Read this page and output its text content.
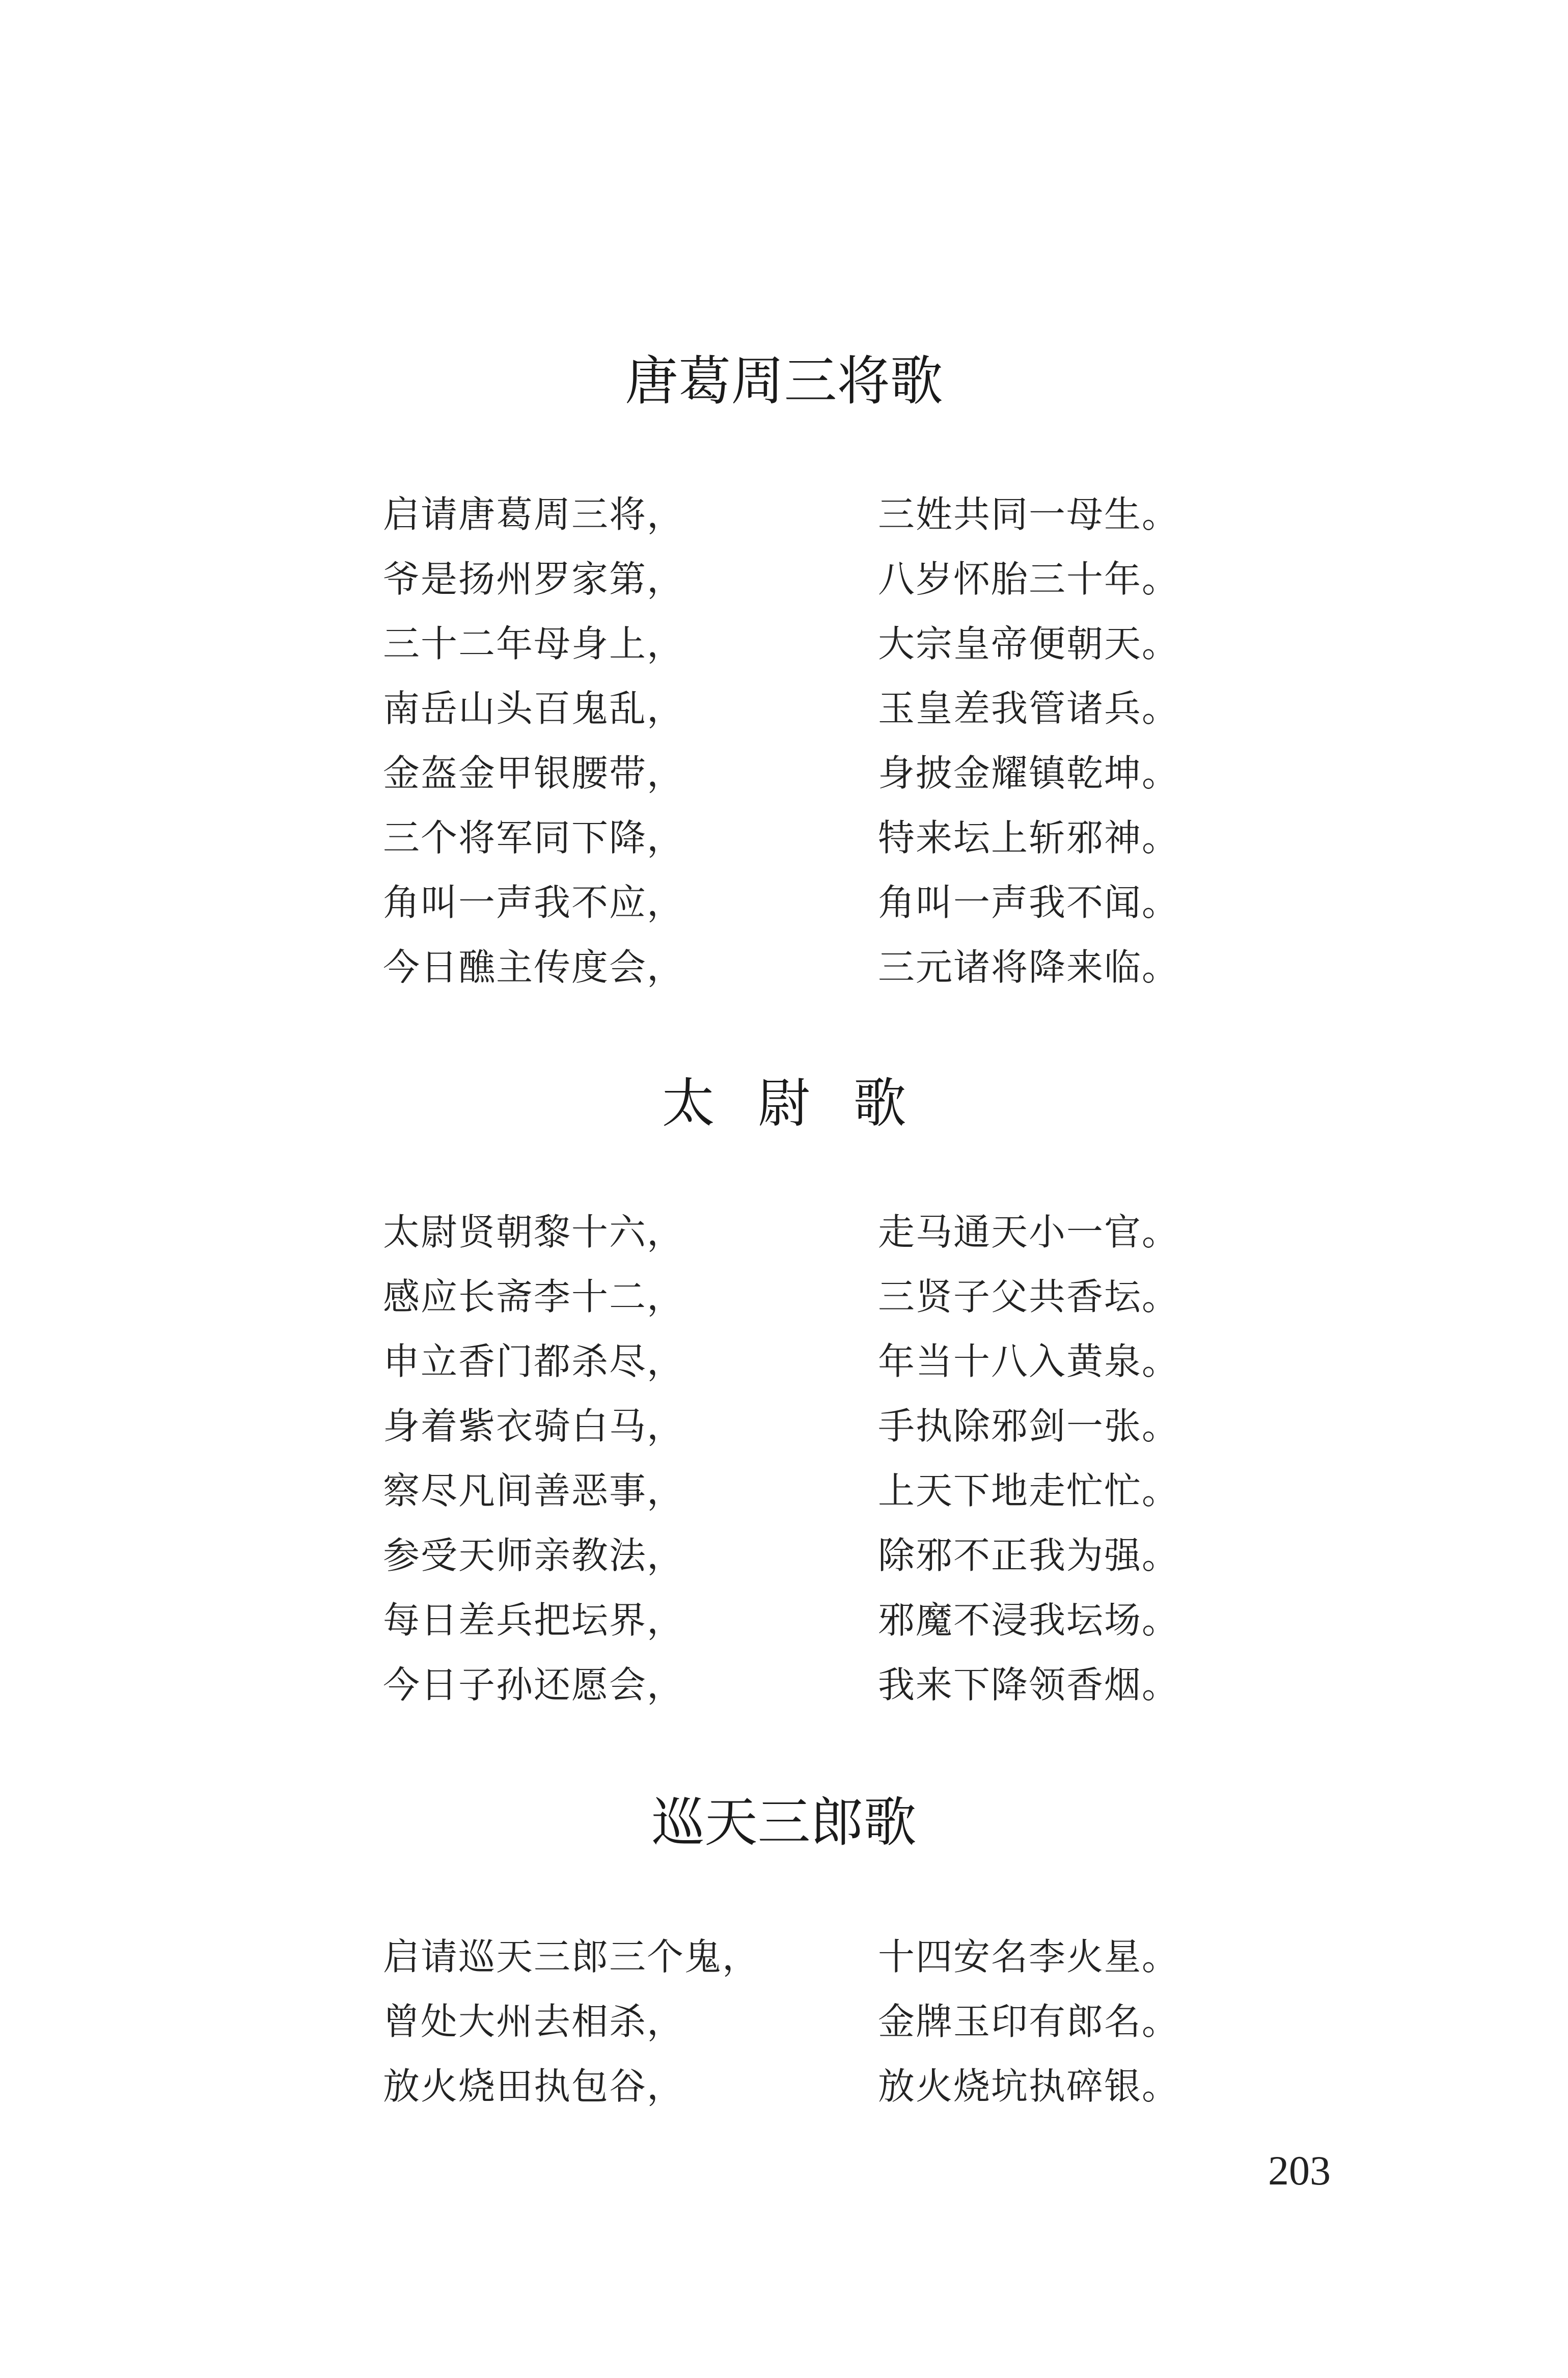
唐葛周三将歌
启请唐葛周三将，	三姓共同一母生。
爷是扬州罗家第，	八岁怀胎三十年。
三十二年母身上，	大宗皇帝便朝天。
南岳山头百鬼乱，	玉皇差我管诸兵。
金盔金甲银腰带，	身披金耀镇乾坤。
三个将军同下降，	特来坛上斩邪神。
角叫一声我不应，	角叫一声我不闻。
今日醮主传度会，	三元诸将降来临。
太尉歌
太尉贤朝黎十六，	走马通天小一官。
感应长斋李十二，	三贤子父共香坛。
申立香门都杀尽，	年当十八入黄泉。
身着紫衣骑白马，	手执除邪剑一张。
察尽凡间善恶事，	上天下地走忙忙。
参受天师亲教法，	除邪不正我为强。
每日差兵把坛界，	邪魔不浸我坛场。
今日子孙还愿会，	我来下降领香烟。
巡天三郎歌
启请巡天三郎三个鬼，	十四安名李火星。
曾处大州去相杀，	金牌玉印有郎名。
放火烧田执包谷，	放火烧坑执碎银。
203
